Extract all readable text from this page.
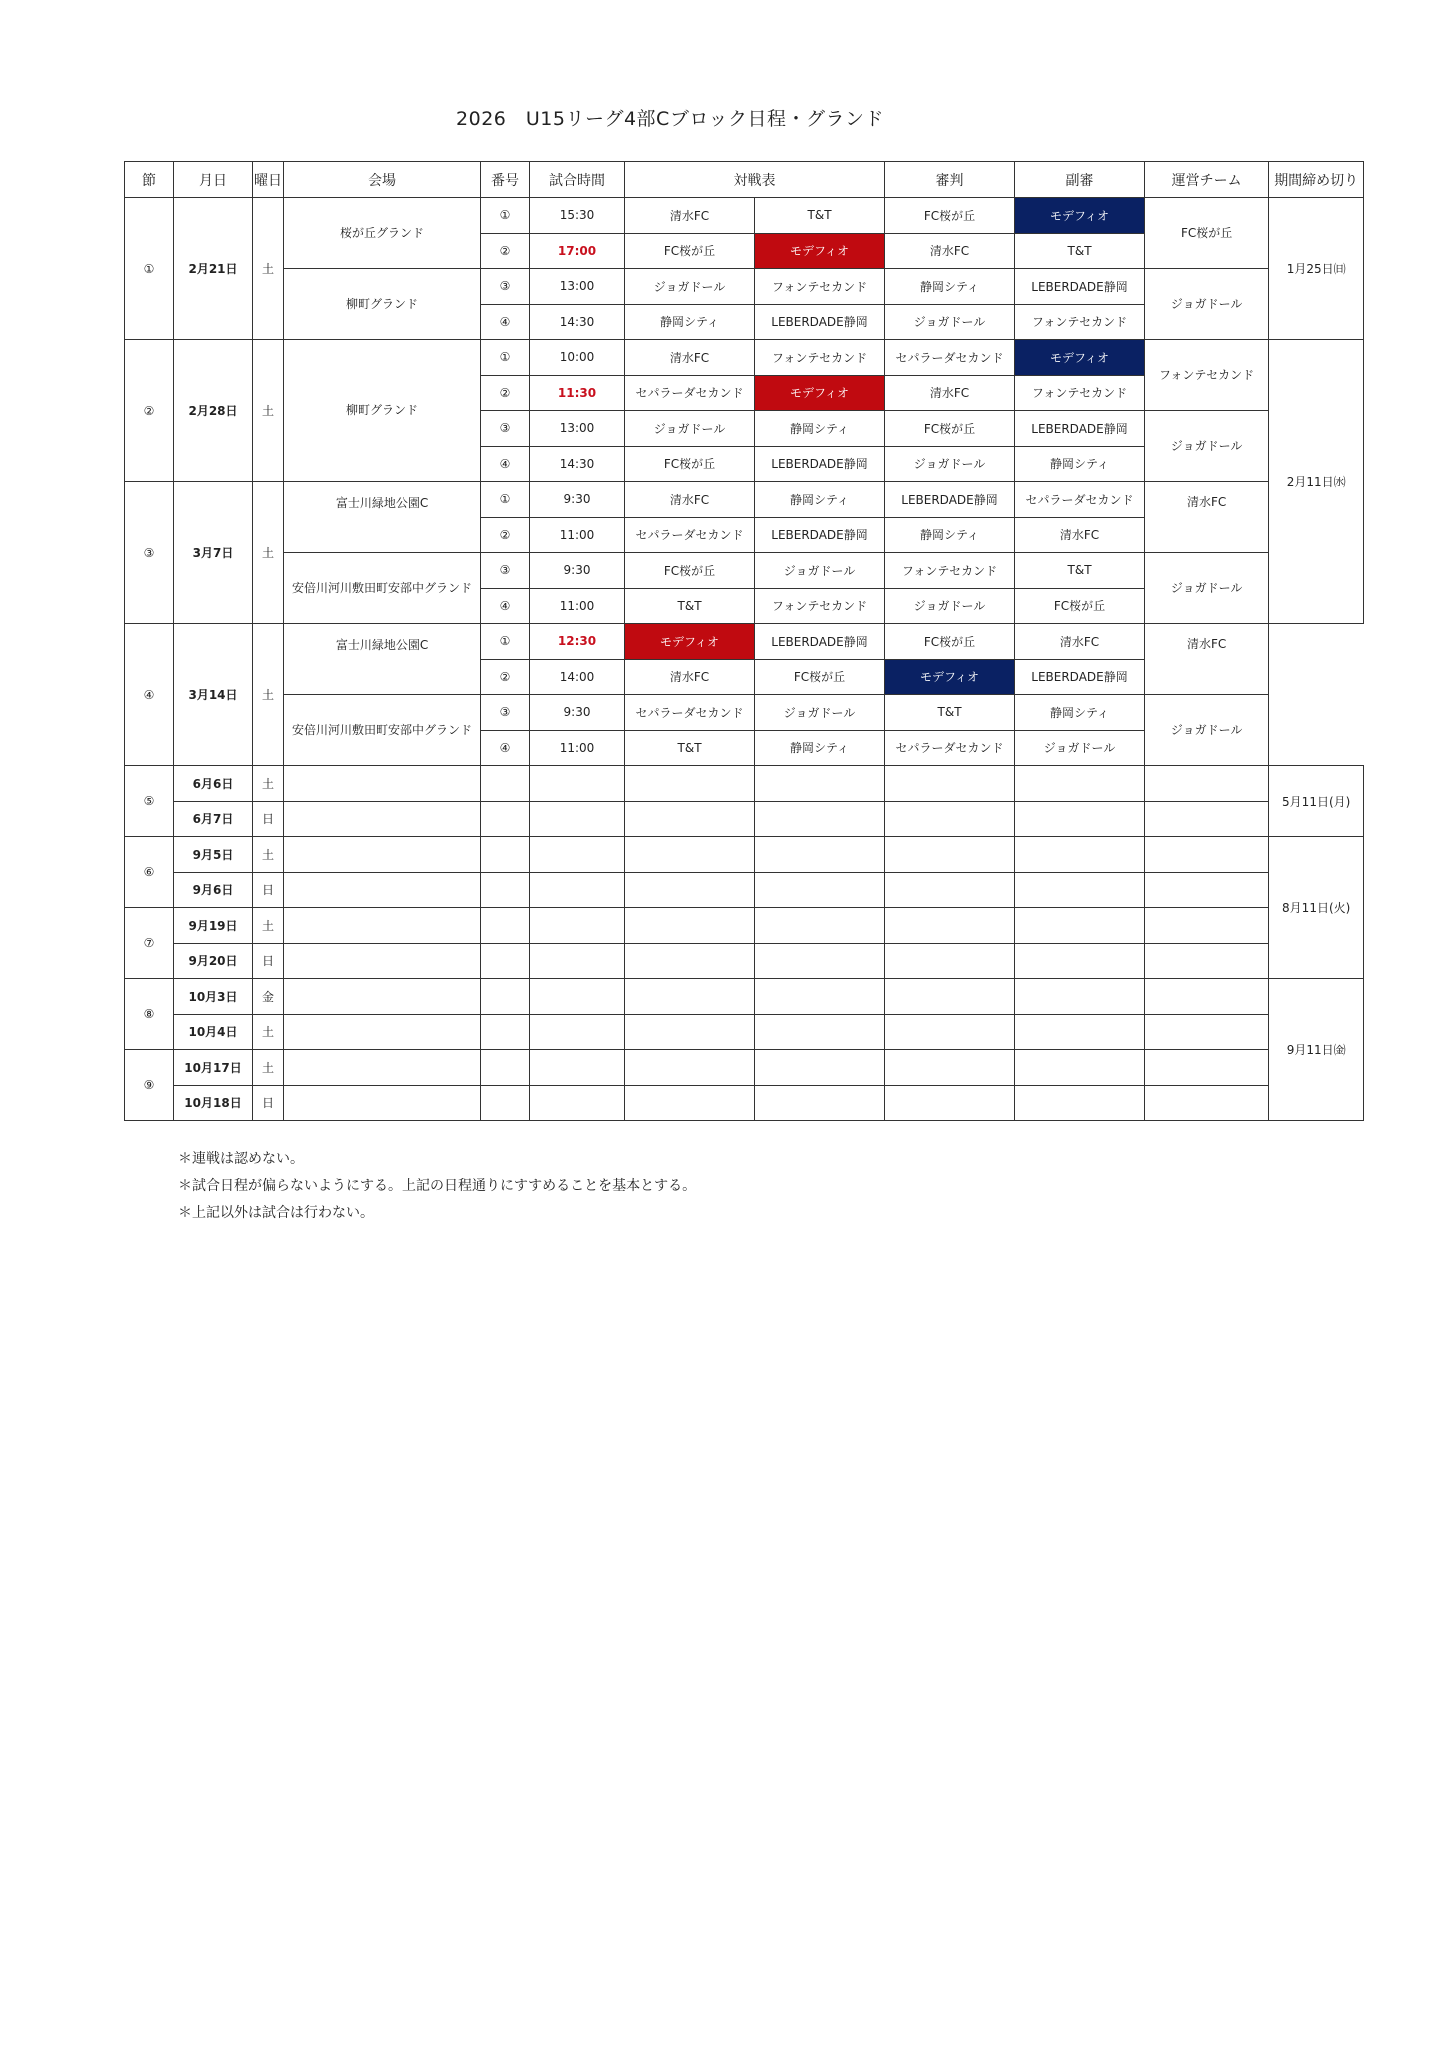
2026　U15リーグ4部Cブロック日程・グランド
節	月日	曜日	会場	番号	試合時間	対戦表		審判	副審	運営チーム	期間締め切り
①	2月21日	土	桜が丘グランド	①	15:30	清水FC	T&T	FC桜が丘	モデフィオ	FC桜が丘	1月25日㈰
				②	17:00	FC桜が丘	モデフィオ	清水FC	T&T		
			柳町グランド	③	13:00	ジョガドール	フォンテセカンド	静岡シティ	LEBERDADE静岡	ジョガドール	
				④	14:30	静岡シティ	LEBERDADE静岡	ジョガドール	フォンテセカンド		
②	2月28日	土	柳町グランド	①	10:00	清水FC	フォンテセカンド	セパラーダセカンド	モデフィオ	フォンテセカンド	2月11日㈬
				②	11:30	セパラーダセカンド	モデフィオ	清水FC	フォンテセカンド		
				③	13:00	ジョガドール	静岡シティ	FC桜が丘	LEBERDADE静岡	ジョガドール	
				④	14:30	FC桜が丘	LEBERDADE静岡	ジョガドール	静岡シティ		
③	3月7日	土	富士川緑地公園C	①	9:30	清水FC	静岡シティ	LEBERDADE静岡	セパラーダセカンド	清水FC	
				②	11:00	セパラーダセカンド	LEBERDADE静岡	静岡シティ	清水FC		
			安倍川河川敷田町安部中グランド	③	9:30	FC桜が丘	ジョガドール	フォンテセカンド	T&T	ジョガドール	
				④	11:00	T&T	フォンテセカンド	ジョガドール	FC桜が丘		
④	3月14日	土	富士川緑地公園C	①	12:30	モデフィオ	LEBERDADE静岡	FC桜が丘	清水FC	清水FC	
				②	14:00	清水FC	FC桜が丘	モデフィオ	LEBERDADE静岡		
			安倍川河川敷田町安部中グランド	③	9:30	セパラーダセカンド	ジョガドール	T&T	静岡シティ	ジョガドール	
				④	11:00	T&T	静岡シティ	セパラーダセカンド	ジョガドール		
⑤	6月6日	土									5月11日(月)
	6月7日	日									
⑥	9月5日	土									8月11日(火)
	9月6日	日									
⑦	9月19日	土									
	9月20日	日									
⑧	10月3日	金									9月11日㈮
	10月4日	土									
⑨	10月17日	土									
	10月18日	日									
＊連戦は認めない。
＊試合日程が偏らないようにする。上記の日程通りにすすめることを基本とする。
＊上記以外は試合は行わない。
